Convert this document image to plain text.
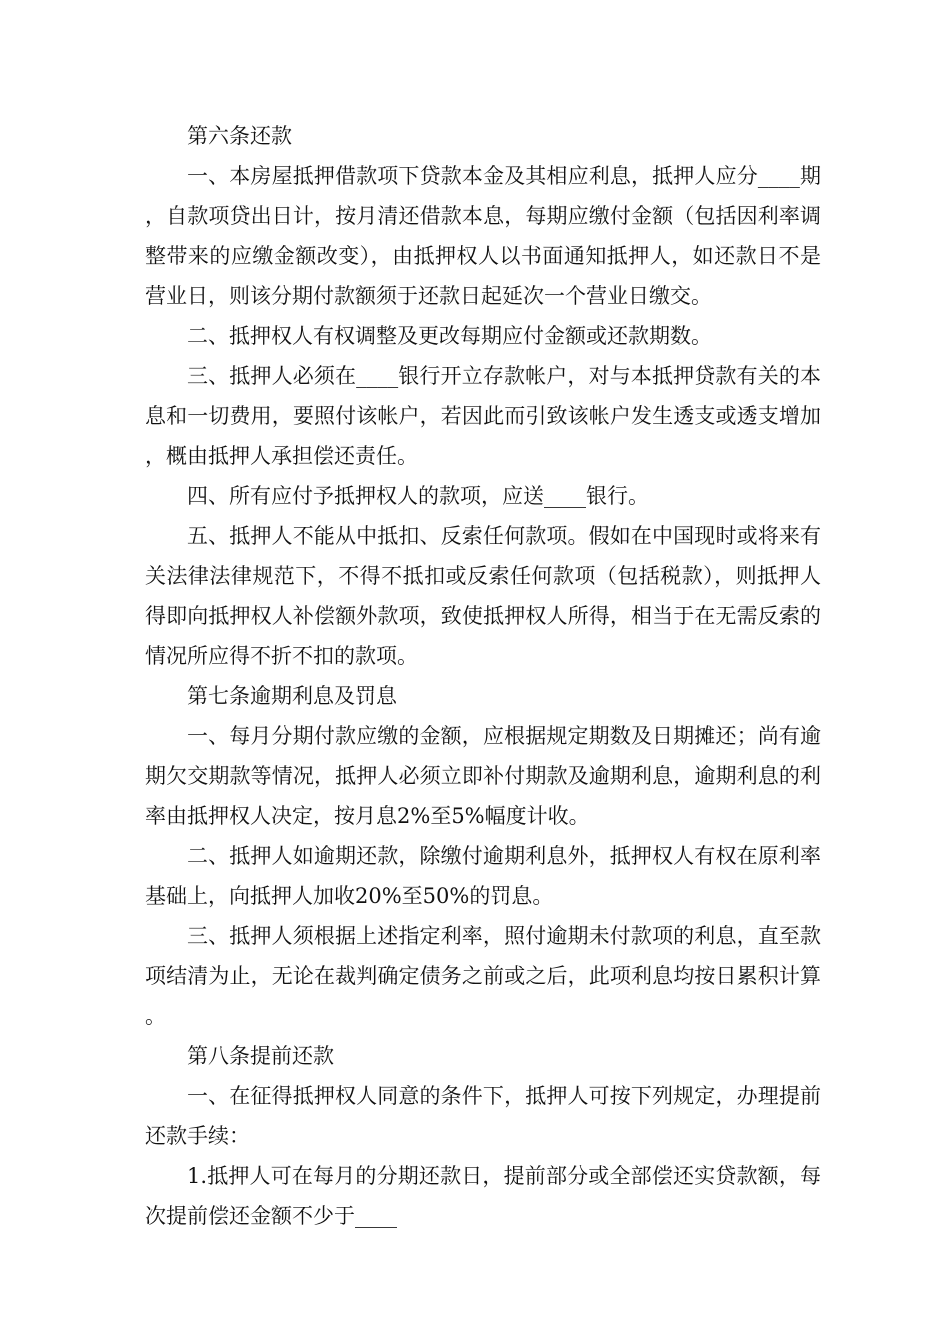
第六条还款

一、本房屋抵押借款项下贷款本金及其相应利息，抵押人应分____期，自款项贷出日计，按月清还借款本息，每期应缴付金额（包括因利率调整带来的应缴金额改变），由抵押权人以书面通知抵押人，如还款日不是营业日，则该分期付款额须于还款日起延次一个营业日缴交。

二、抵押权人有权调整及更改每期应付金额或还款期数。

三、抵押人必须在____银行开立存款帐户，对与本抵押贷款有关的本息和一切费用，要照付该帐户，若因此而引致该帐户发生透支或透支增加，概由抵押人承担偿还责任。

四、所有应付予抵押权人的款项，应送____银行。

五、抵押人不能从中抵扣、反索任何款项。假如在中国现时或将来有关法律法律规范下，不得不抵扣或反索任何款项（包括税款），则抵押人得即向抵押权人补偿额外款项，致使抵押权人所得，相当于在无需反索的情况所应得不折不扣的款项。

第七条逾期利息及罚息

一、每月分期付款应缴的金额，应根据规定期数及日期摊还；尚有逾期欠交期款等情况，抵押人必须立即补付期款及逾期利息，逾期利息的利率由抵押权人决定，按月息2%至5%幅度计收。

二、抵押人如逾期还款，除缴付逾期利息外，抵押权人有权在原利率基础上，向抵押人加收20%至50%的罚息。

三、抵押人须根据上述指定利率，照付逾期未付款项的利息，直至款项结清为止，无论在裁判确定债务之前或之后，此项利息均按日累积计算。

第八条提前还款

一、在征得抵押权人同意的条件下，抵押人可按下列规定，办理提前还款手续：

1.抵押人可在每月的分期还款日，提前部分或全部偿还实贷款额，每次提前偿还金额不少于____
